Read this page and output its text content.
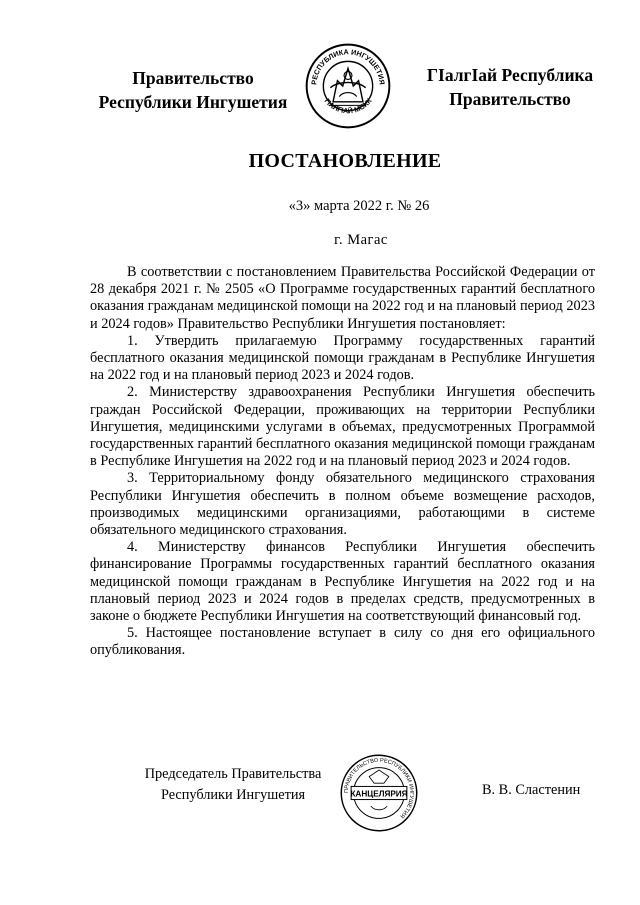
Правительство
Республики Ингушетия
РЕСПУБЛИКА ИНГУШЕТИЯ
ГӀАЛГӀАЙ МОХК
ГӀалгӀай Республика
Правительство
ПОСТАНОВЛЕНИЕ
«3» марта 2022 г. № 26
г. Магас

В соответствии с постановлением Правительства Российской Федерации от 28 декабря 2021 г. № 2505 «О Программе государственных гарантий бесплатного оказания гражданам медицинской помощи на 2022 год и на плановый период 2023 и 2024 годов» Правительство Республики Ингушетия постановляет:

1. Утвердить прилагаемую Программу государственных гарантий бесплатного оказания медицинской помощи гражданам в Республике Ингушетия на 2022 год и на плановый период 2023 и 2024 годов.

2. Министерству здравоохранения Республики Ингушетия обеспечить граждан Российской Федерации, проживающих на территории Республики Ингушетия, медицинскими услугами в объемах, предусмотренных Программой государственных гарантий бесплатного оказания медицинской помощи гражданам в Республике Ингушетия на 2022 год и на плановый период 2023 и 2024 годов.

3. Территориальному фонду обязательного медицинского страхования Республики Ингушетия обеспечить в полном объеме возмещение расходов, производимых медицинскими организациями, работающими в системе обязательного медицинского страхования.

4. Министерству финансов Республики Ингушетия обеспечить финансирование Программы государственных гарантий бесплатного оказания медицинской помощи гражданам в Республике Ингушетия на 2022 год и на плановый период 2023 и 2024 годов в пределах средств, предусмотренных в законе о бюджете Республики Ингушетия на соответствующий финансовый год.

5. Настоящее постановление вступает в силу со дня его официального опубликования.

Председатель Правительства
Республики Ингушетия	ПРАВИТЕЛЬСТВО РЕСПУБЛИКИ ИНГУШЕТИЯ
КАНЦЕЛЯРИЯ	В. В. Сластенин
